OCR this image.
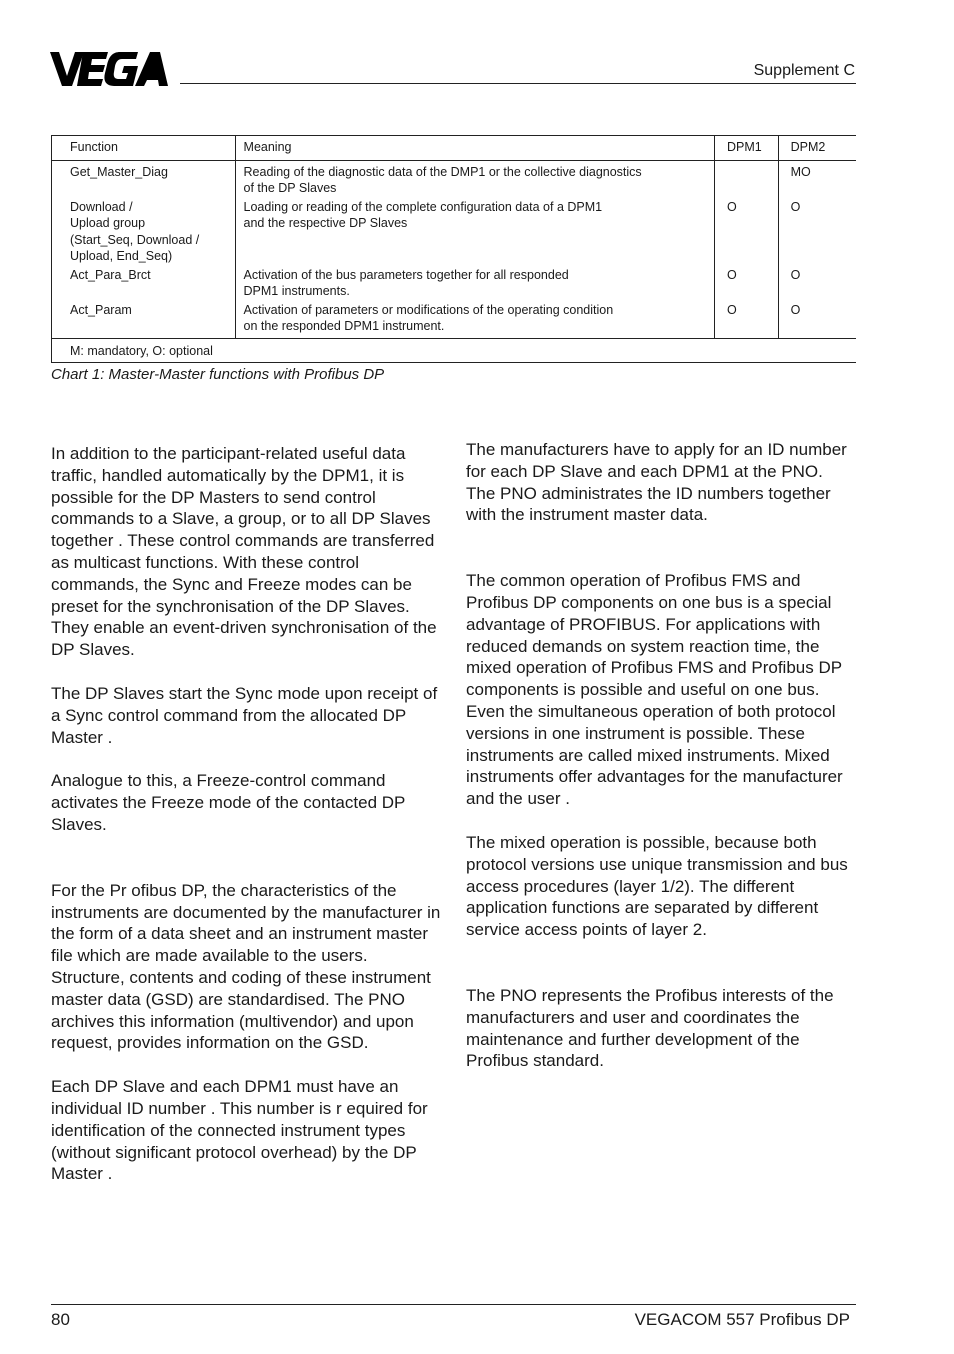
Supplement C
Function	Meaning	DPM1	DPM2

Get_Master_Diag	Reading of the diagnostic data of the DMP1 or the collective diagnostics
of the DP Slaves		MO

Download /
Upload group
(Start_Seq, Download /
Upload, End_Seq)	Loading or reading of the complete configuration data of a DPM1
and the respective DP Slaves	O	O

Act_Para_Brct	Activation of the bus parameters together for all responded
DPM1 instruments.	O	O

Act_Param	Activation of parameters or modifications of the operating condition
on the responded DPM1 instrument.	O	O
M: mandatory, O: optional			
Chart 1: Master-Master functions with Profibus DP

In addition to the participant-related useful data traffic, handled automatically by the DPM1, it is possible for the DP Masters to send control commands to a Slave, a group, or to all DP Slaves together . These control commands are transferred as multicast functions. With these control commands, the Sync and Freeze modes can be preset for the synchronisation of the DP Slaves. They enable an event-driven synchronisation of the DP Slaves.

The DP Slaves start the Sync mode upon receipt of a Sync control command from the allocated DP Master .

Analogue to this, a Freeze-control command activates the Freeze mode of the contacted DP Slaves.

For the Pr ofibus DP, the characteristics of the instruments are documented by the manufacturer in the form of a data sheet and an instrument master file which are made available to the users. Structure, contents and coding of these instrument master data (GSD) are standardised. The PNO archives this information (multivendor) and upon request, provides information on the GSD.

Each DP Slave and each DPM1 must have an individual ID number . This number is r equired for identification of the connected instrument types (without significant protocol overhead) by the DP Master .

The manufacturers have to apply for an ID number for each DP Slave and each DPM1 at the PNO. The PNO administrates the ID numbers together with the instrument master data.

The common operation of Profibus FMS and Profibus DP components on one bus is a special advantage of PROFIBUS. For applications with reduced demands on system reaction time, the mixed operation of Profibus FMS and Profibus DP components is possible and useful on one bus. Even the simultaneous operation of both protocol versions in one instrument is possible. These instruments are called mixed instruments. Mixed instruments offer advantages for the manufacturer and the user .

The mixed operation is possible, because both protocol versions use unique transmission and bus access procedures (layer 1/2). The different application functions are separated by different service access points of layer 2.

The PNO represents the Profibus interests of the manufacturers and user and coordinates the maintenance and further development of the Profibus standard.

80	VEGACOM 557 Profibus DP
